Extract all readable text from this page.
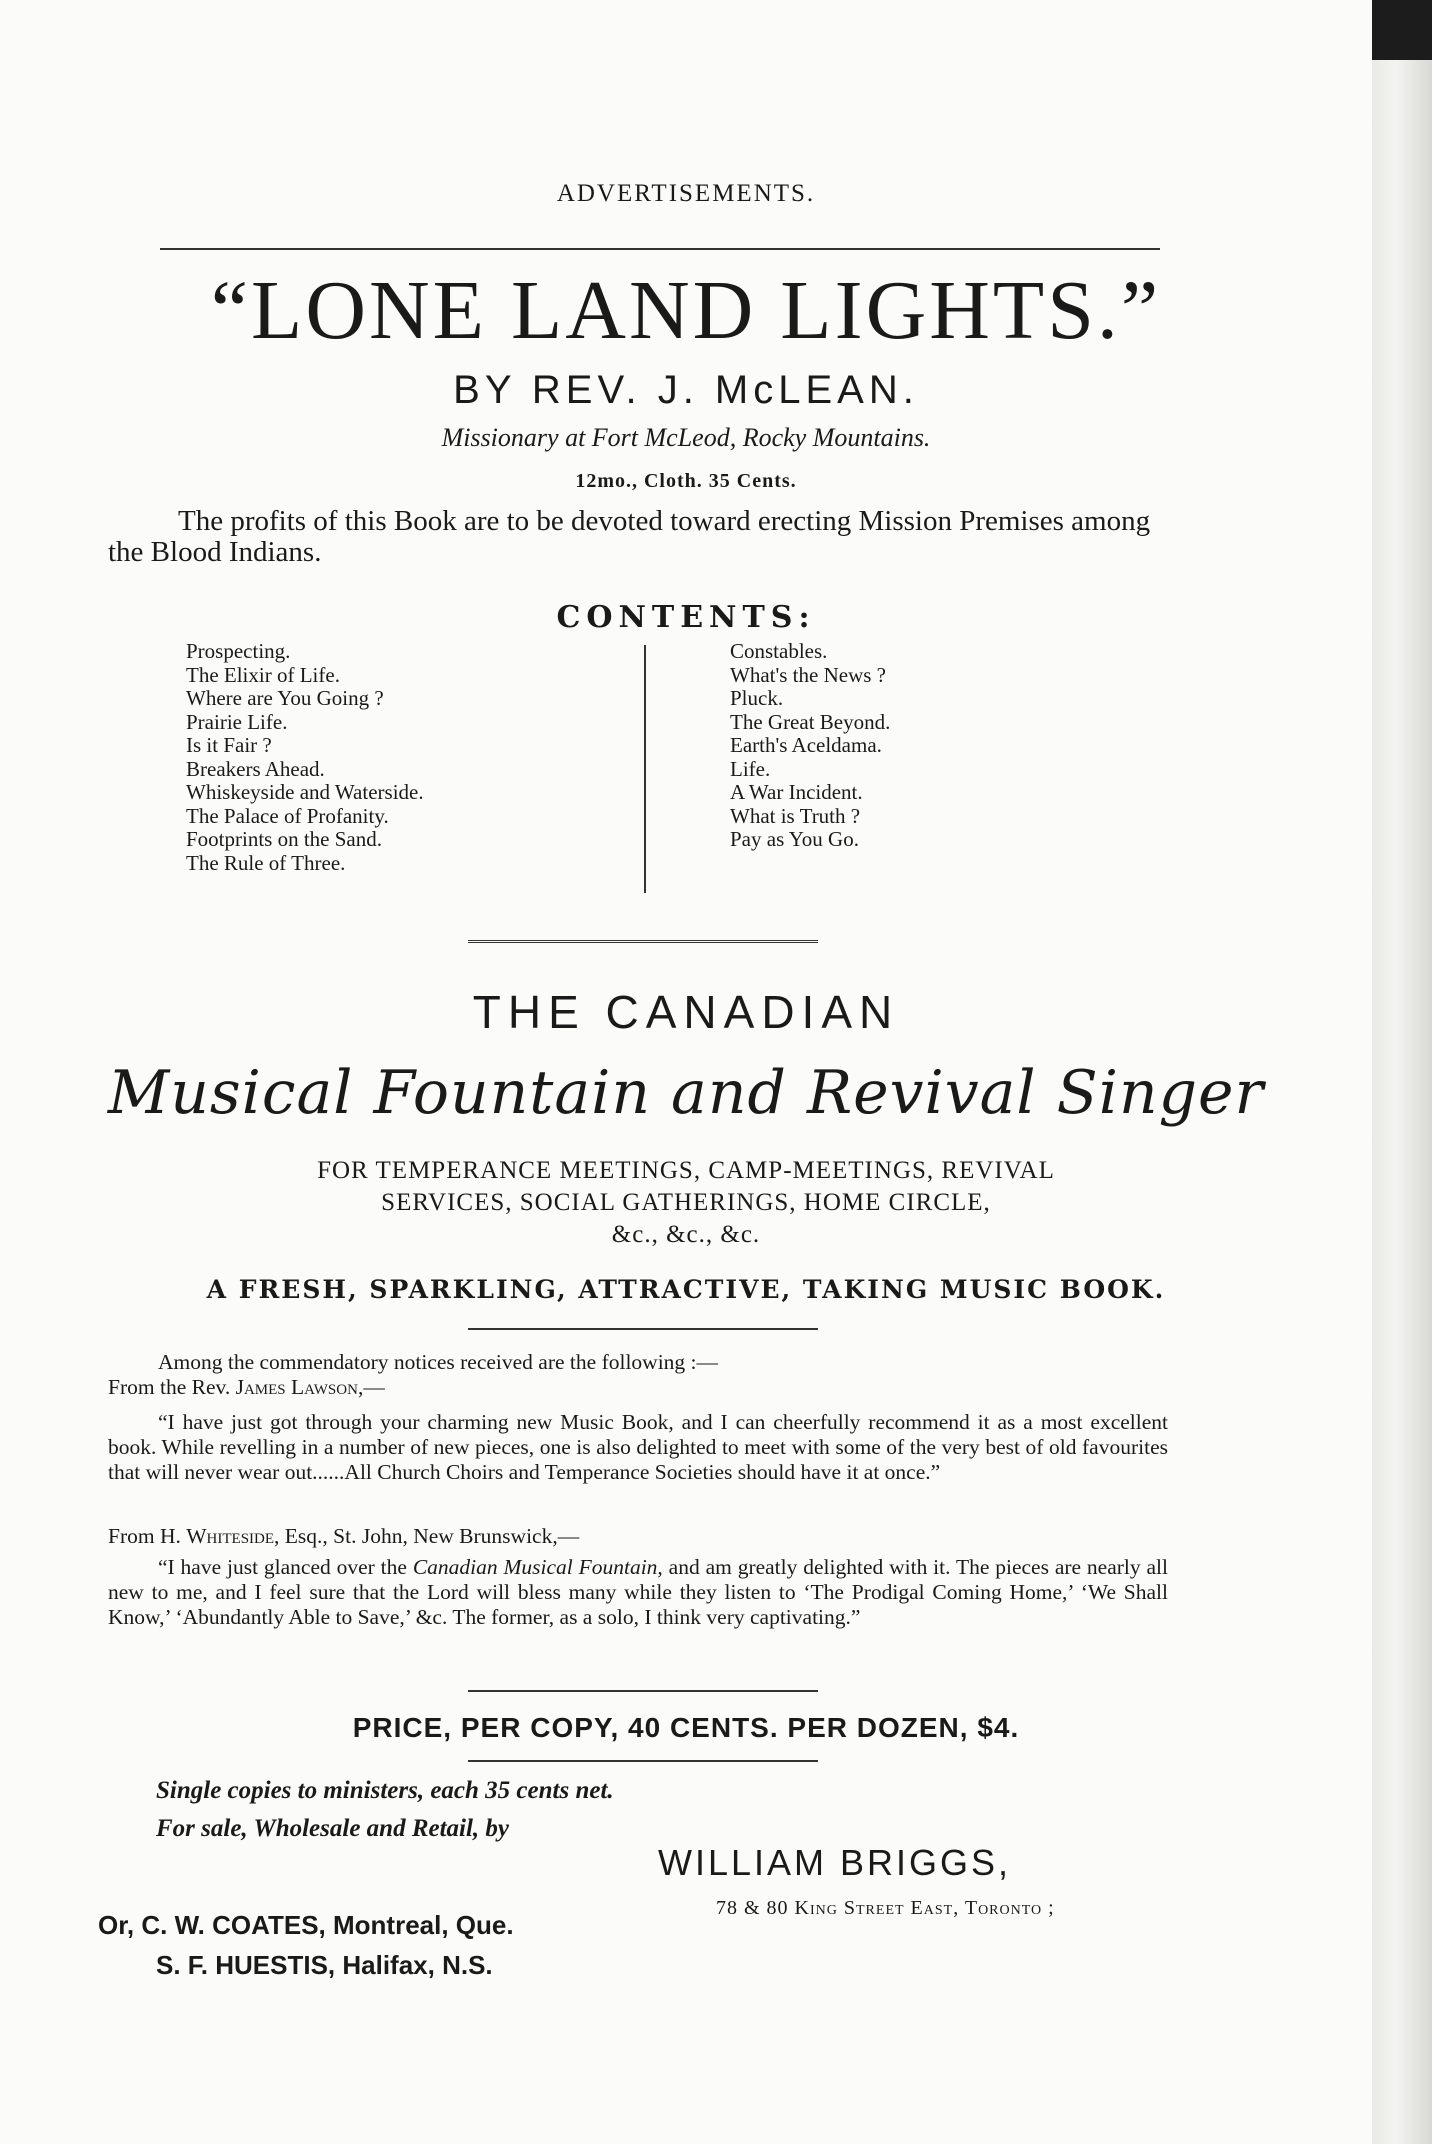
ADVERTISEMENTS.

“LONE LAND LIGHTS.”

BY REV. J. McLEAN.

Missionary at Fort McLeod, Rocky Mountains.

12mo., Cloth. 35 Cents.

The profits of this Book are to be devoted toward erecting Mission Premises among the Blood Indians.

CONTENTS:

Prospecting.
The Elixir of Life.
Where are You Going ?
Prairie Life.
Is it Fair ?
Breakers Ahead.
Whiskeyside and Waterside.
The Palace of Profanity.
Footprints on the Sand.
The Rule of Three.
Constables.
What's the News ?
Pluck.
The Great Beyond.
Earth's Aceldama.
Life.
A War Incident.
What is Truth ?
Pay as You Go.

THE CANADIAN

Musical Fountain and Revival Singer

FOR TEMPERANCE MEETINGS, CAMP-MEETINGS, REVIVAL
SERVICES, SOCIAL GATHERINGS, HOME CIRCLE,
&c., &c., &c.

A FRESH, SPARKLING, ATTRACTIVE, TAKING MUSIC BOOK.

Among the commendatory notices received are the following :—
From the Rev. James Lawson,—

“I have just got through your charming new Music Book, and I can cheerfully recommend it as a most excellent book. While revelling in a number of new pieces, one is also delighted to meet with some of the very best of old favourites that will never wear out......All Church Choirs and Temperance Societies should have it at once.”

From H. Whiteside, Esq., St. John, New Brunswick,—

“I have just glanced over the Canadian Musical Fountain, and am greatly delighted with it. The pieces are nearly all new to me, and I feel sure that the Lord will bless many while they listen to ‘The Prodigal Coming Home,’ ‘We Shall Know,’ ‘Abundantly Able to Save,’ &c. The former, as a solo, I think very captivating.”

PRICE, PER COPY, 40 CENTS. PER DOZEN, $4.

Single copies to ministers, each 35 cents net.

For sale, Wholesale and Retail, by

WILLIAM BRIGGS,

78 & 80 King Street East, Toronto ;

Or, C. W. COATES, Montreal, Que.

S. F. HUESTIS, Halifax, N.S.
